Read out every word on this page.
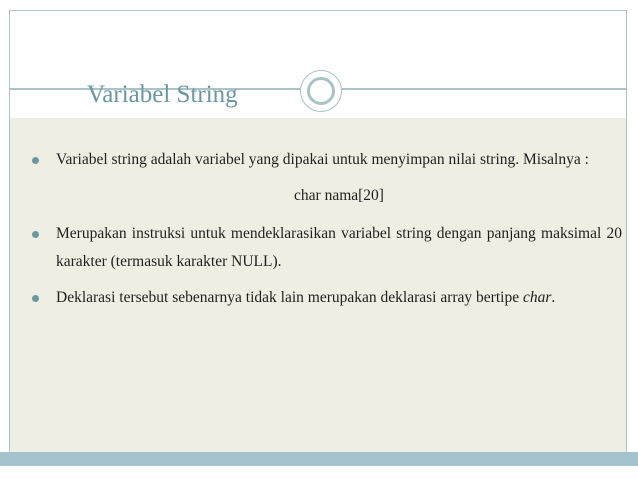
Variabel String
Variabel string adalah variabel yang dipakai untuk menyimpan nilai string. Misalnya :
char nama[20]
Merupakan instruksi untuk mendeklarasikan variabel string dengan panjang maksimal 20 karakter (termasuk karakter NULL).
Deklarasi tersebut sebenarnya tidak lain merupakan deklarasi array bertipe char.
